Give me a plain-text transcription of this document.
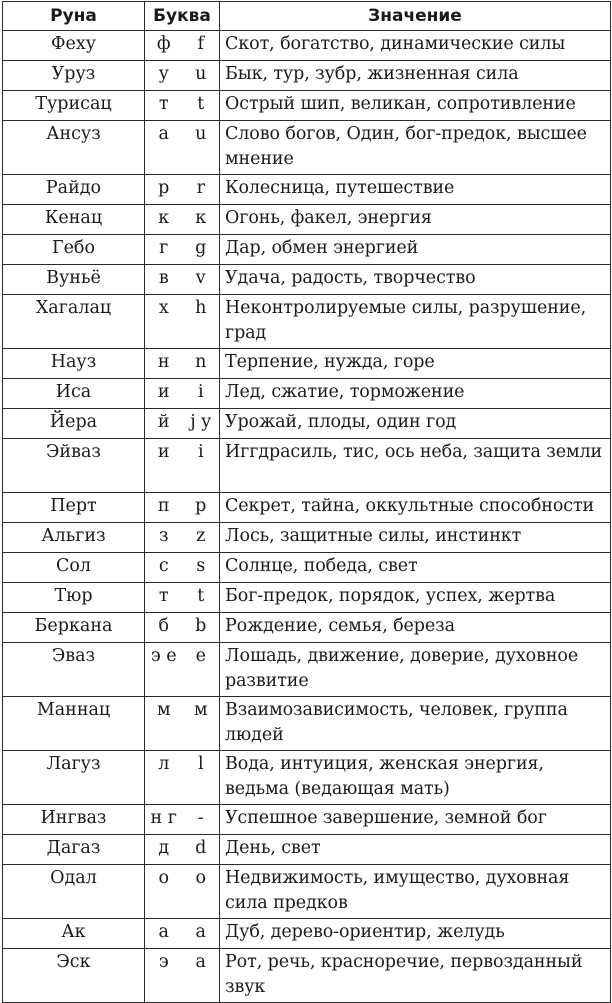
Руна	Буква		Значение
Феху	ф	f	Скот, богатство, динамические силы
Уруз	у	u	Бык, тур, зубр, жизненная сила
Турисац	т	t	Острый шип, великан, сопротивление
Ансуз	а	u	Слово богов, Один, бог-предок, высшее мнение
Райдо	р	r	Колесница, путешествие
Кенац	к	к	Огонь, факел, энергия
Гебо	г	g	Дар, обмен энергией
Вуньё	в	v	Удача, радость, творчество
Хагалац	х	h	Неконтролируемые силы, разрушение, град
Науз	н	n	Терпение, нужда, горе
Иса	и	i	Лед, сжатие, торможение
Йера	й	j y	Урожай, плоды, один год
Эйваз	и	i	Иггдрасиль, тис, ось неба, защита земли
Перт	п	p	Секрет, тайна, оккультные способности
Альгиз	з	z	Лось, защитные силы, инстинкт
Сол	с	s	Солнце, победа, свет
Тюр	т	t	Бог-предок, порядок, успех, жертва
Беркана	б	b	Рождение, семья, береза
Эваз	э е	e	Лошадь, движение, доверие, духовное развитие
Маннац	м	м	Взаимозависимость, человек, группа людей
Лагуз	л	l	Вода, интуиция, женская энергия, ведьма (ведающая мать)
Ингваз	н г	-	Успешное завершение, земной бог
Дагаз	д	d	День, свет
Одал	о	о	Недвижимость, имущество, духовная сила предков
Ак	а	a	Дуб, дерево-ориентир, желудь
Эск	э	a	Рот, речь, красноречие, первозданный звук
